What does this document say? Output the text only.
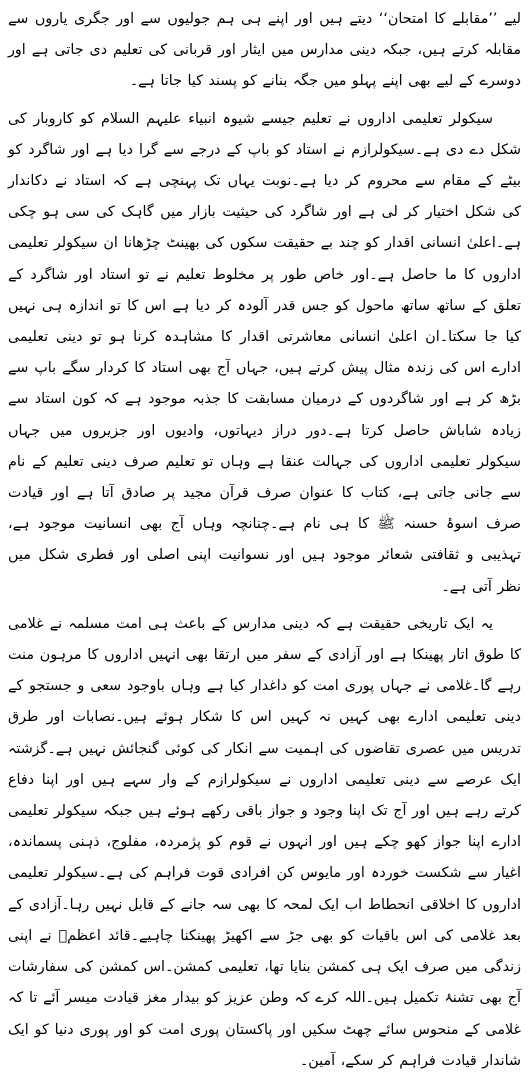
لیے ’’مقابلے کا امتحان‘‘ دیتے ہیں اور اپنے ہی ہم جولیوں سے اور جگری یاروں سے مقابلہ کرتے ہیں، جبکہ دینی مدارس میں ایثار اور قربانی کی تعلیم دی جاتی ہے اور دوسرے کے لیے بھی اپنے پہلو میں جگہ بنانے کو پسند کیا جاتا ہے۔

سیکولر تعلیمی اداروں نے تعلیم جیسے شیوہ انبیاء علیہم السلام کو کاروبار کی شکل دے دی ہے۔سیکولرازم نے استاد کو باپ کے درجے سے گرا دیا ہے اور شاگرد کو بیٹے کے مقام سے محروم کر دیا ہے۔نوبت یہاں تک پہنچی ہے کہ استاد نے دکاندار کی شکل اختیار کر لی ہے اور شاگرد کی حیثیت بازار میں گاہک کی سی ہو چکی ہے۔اعلیٰ انسانی اقدار کو چند بے حقیقت سکوں کی بھینٹ چڑھانا ان سیکولر تعلیمی اداروں کا ما حاصل ہے۔اور خاص طور پر مخلوط تعلیم نے تو استاد اور شاگرد کے تعلق کے ساتھ ساتھ ماحول کو جس قدر آلودہ کر دیا ہے اس کا تو اندازہ ہی نہیں کیا جا سکتا۔ان اعلیٰ انسانی معاشرتی اقدار کا مشاہدہ کرنا ہو تو دینی تعلیمی ادارے اس کی زندہ مثال پیش کرتے ہیں، جہاں آج بھی استاد کا کردار سگے باپ سے بڑھ کر ہے اور شاگردوں کے درمیان مسابقت کا جذبہ موجود ہے کہ کون استاد سے زیادہ شاباش حاصل کرتا ہے۔دور دراز دیہاتوں، وادیوں اور جزیروں میں جہاں سیکولر تعلیمی اداروں کی جہالت عنقا ہے وہاں تو تعلیم صرف دینی تعلیم کے نام سے جانی جاتی ہے، کتاب کا عنوان صرف قرآن مجید پر صادق آتا ہے اور قیادت صرف اسوۂ حسنہ ﷺ کا ہی نام ہے۔چنانچہ وہاں آج بھی انسانیت موجود ہے، تہذیبی و ثقافتی شعائر موجود ہیں اور نسوانیت اپنی اصلی اور فطری شکل میں نظر آتی ہے۔

یہ ایک تاریخی حقیقت ہے کہ دینی مدارس کے باعث ہی امت مسلمہ نے غلامی کا طوق اتار پھینکا ہے اور آزادی کے سفر میں ارتقا بھی انہیں اداروں کا مرہون منت رہے گا۔غلامی نے جہاں پوری امت کو داغدار کیا ہے وہاں باوجود سعی و جستجو کے دینی تعلیمی ادارے بھی کہیں نہ کہیں اس کا شکار ہوئے ہیں۔نصابات اور طرق تدریس میں عصری تقاضوں کی اہمیت سے انکار کی کوئی گنجائش نہیں ہے۔گزشتہ ایک عرصے سے دینی تعلیمی اداروں نے سیکولرازم کے وار سہے ہیں اور اپنا دفاع کرتے رہے ہیں اور آج تک اپنا وجود و جواز باقی رکھے ہوئے ہیں جبکہ سیکولر تعلیمی ادارے اپنا جواز کھو چکے ہیں اور انہوں نے قوم کو پژمردہ، مفلوج، ذہنی پسماندہ، اغیار سے شکست خوردہ اور مایوس کن افرادی قوت فراہم کی ہے۔سیکولر تعلیمی اداروں کا اخلاقی انحطاط اب ایک لمحہ کا بھی سہ جانے کے قابل نہیں رہا۔آزادی کے بعد غلامی کی اس باقیات کو بھی جڑ سے اکھیڑ پھینکنا چاہیے۔قائد اعظمؒ نے اپنی زندگی میں صرف ایک ہی کمشن بنایا تھا، تعلیمی کمشن۔اس کمشن کی سفارشات آج بھی تشنۂ تکمیل ہیں۔اللہ کرے کہ وطن عزیز کو بیدار مغز قیادت میسر آئے تا کہ غلامی کے منحوس سائے چھٹ سکیں اور پاکستان پوری امت کو اور پوری دنیا کو ایک شاندار قیادت فراہم کر سکے، آمین۔
